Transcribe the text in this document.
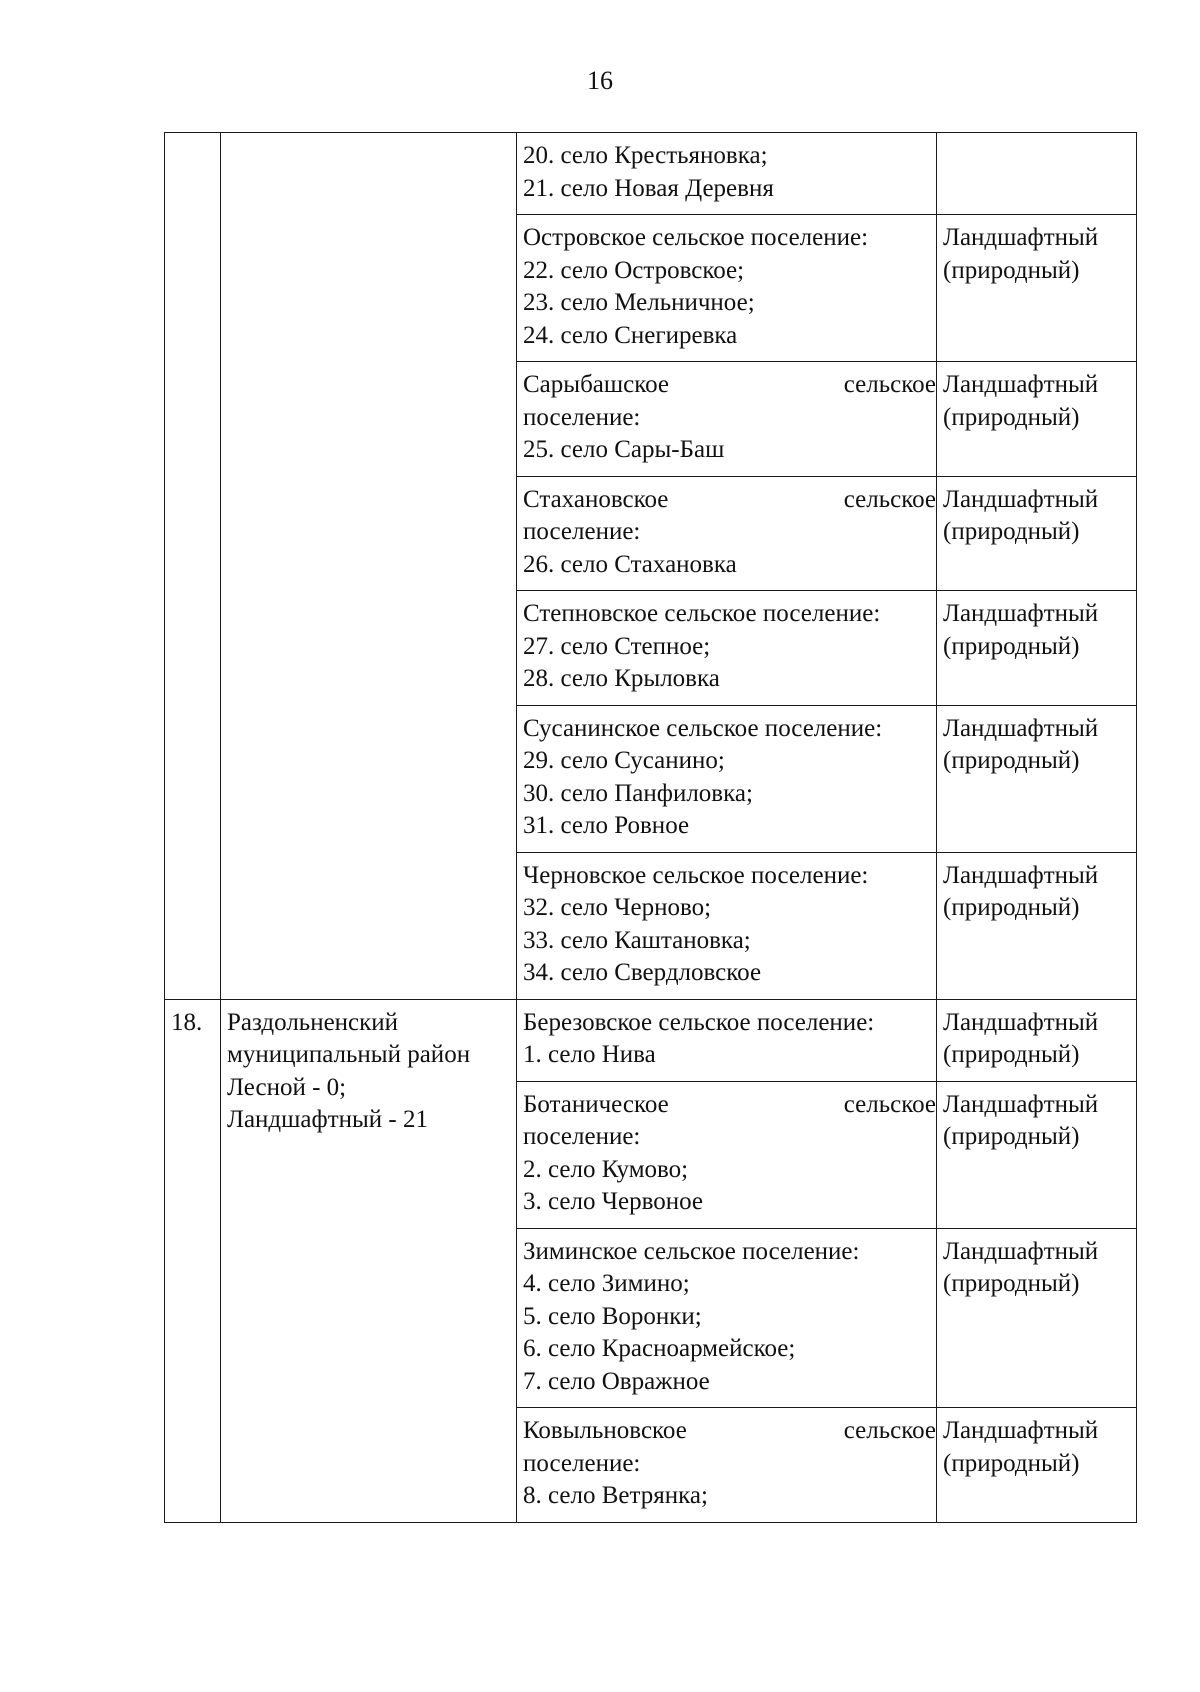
16

		20. село Крестьяновка;
21. село Новая Деревня	

		Островское сельское поселение:
22. село Островское;
23. село Мельничное;
24. село Снегиревка	Ландшафтный
(природный)

		Сарыбашское сельское
поселение:
25. село Сары-Баш	Ландшафтный
(природный)

		Стахановское сельское
поселение:
26. село Стахановка	Ландшафтный
(природный)

		Степновское сельское поселение:
27. село Степное;
28. село Крыловка	Ландшафтный
(природный)

		Сусанинское сельское поселение:
29. село Сусанино;
30. село Панфиловка;
31. село Ровное	Ландшафтный
(природный)

		Черновское сельское поселение:
32. село Черново;
33. село Каштановка;
34. село Свердловское	Ландшафтный
(природный)

18.	Раздольненский
муниципальный район
Лесной - 0;
Ландшафтный - 21	Березовское сельское поселение:
1. село Нива	Ландшафтный
(природный)

		Ботаническое сельское
поселение:
2. село Кумово;
3. село Червоное	Ландшафтный
(природный)

		Зиминское сельское поселение:
4. село Зимино;
5. село Воронки;
6. село Красноармейское;
7. село Овражное	Ландшафтный
(природный)

		Ковыльновское сельское
поселение:
8. село Ветрянка;	Ландшафтный
(природный)
